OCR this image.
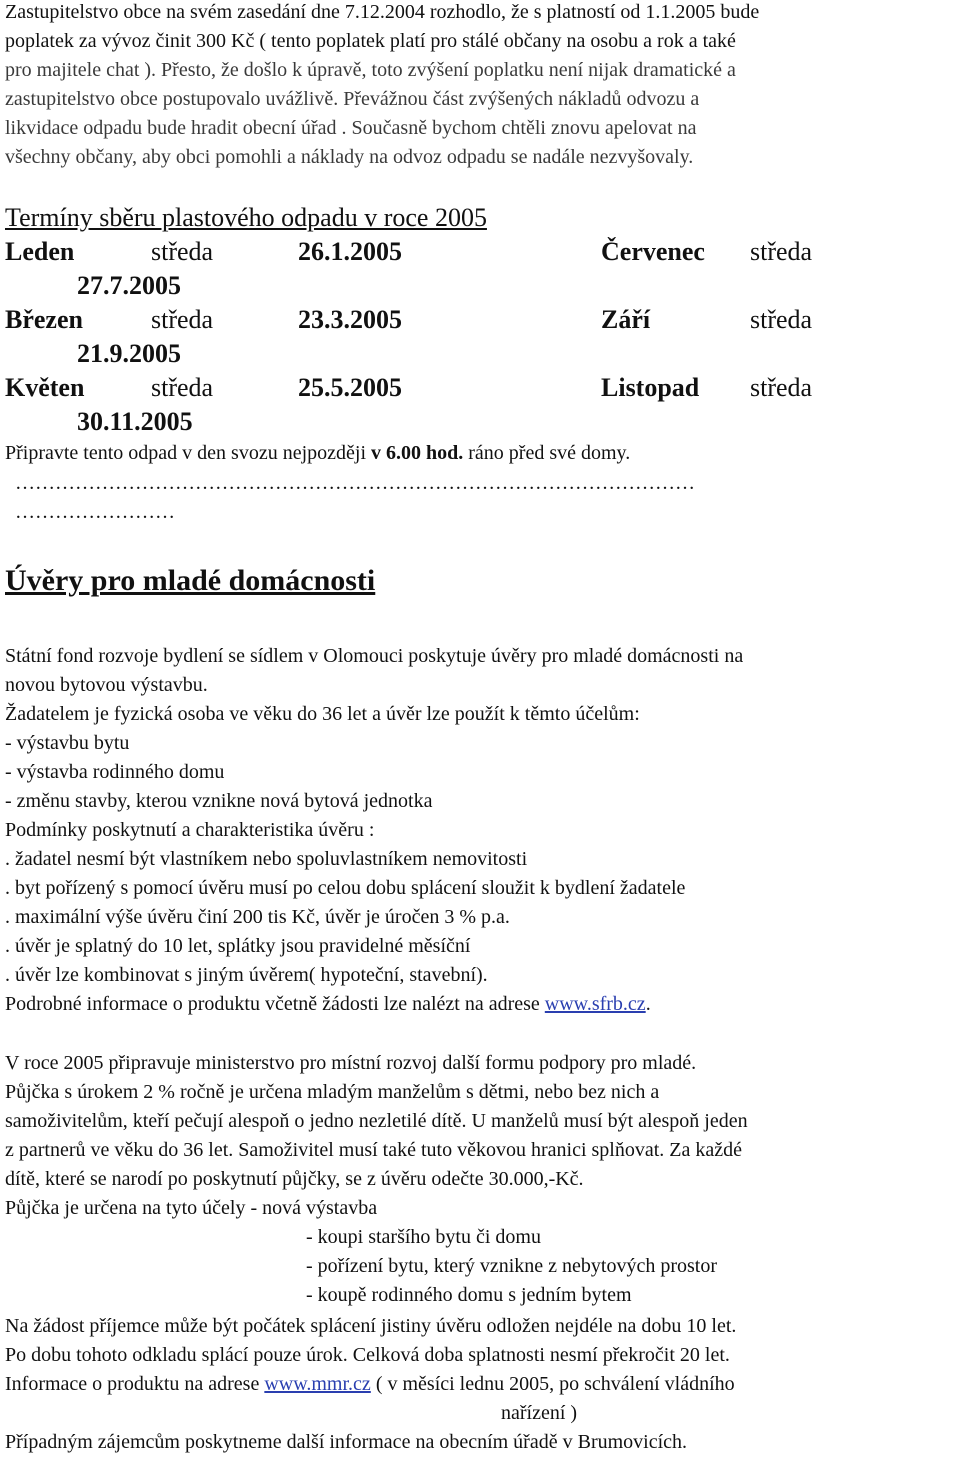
Zastupitelstvo obce na svém zasedání dne 7.12.2004 rozhodlo, že s platností od 1.1.2005 bude
poplatek za vývoz činit 300 Kč ( tento poplatek platí pro stálé občany na osobu a rok a také
pro majitele chat ). Přesto, že došlo k úpravě, toto zvýšení poplatku není nijak dramatické a
zastupitelstvo obce postupovalo uvážlivě. Převážnou část zvýšených nákladů odvozu a
likvidace odpadu bude hradit obecní úřad . Současně bychom chtěli znovu apelovat na
všechny občany, aby obci pomohli a náklady na odvoz odpadu se nadále nezvyšovaly.
Termíny sběru plastového odpadu v roce 2005
Leden	středa	26.1.2005	Červenec středa
27.7.2005
Březen	středa	23.3.2005	Září	středa
21.9.2005
Květen	středa	25.5.2005	Listopad středa
30.11.2005
Připravte tento odpad v den svozu nejpozději v 6.00 hod. ráno před své domy.
…………………………………………………………………………………………
……………………
Úvěry pro mladé domácnosti
Státní fond rozvoje bydlení se sídlem v Olomouci poskytuje úvěry pro mladé domácnosti na
novou bytovou výstavbu.
Žadatelem je fyzická osoba ve věku do 36 let a úvěr lze použít k těmto účelům:
- výstavbu bytu
- výstavba rodinného domu
- změnu stavby, kterou vznikne nová bytová jednotka
Podmínky poskytnutí a charakteristika úvěru :
. žadatel nesmí být vlastníkem nebo spoluvlastníkem nemovitosti
. byt pořízený s pomocí úvěru musí po celou dobu splácení sloužit k bydlení žadatele
. maximální výše úvěru činí 200 tis Kč, úvěr je úročen 3 % p.a.
. úvěr je splatný do 10 let, splátky jsou pravidelné měsíční
. úvěr lze kombinovat s jiným úvěrem( hypoteční, stavební).
Podrobné informace o produktu včetně žádosti lze nalézt na adrese www.sfrb.cz.
V roce 2005 připravuje ministerstvo pro místní rozvoj další formu podpory pro mladé.
Půjčka s úrokem 2 % ročně je určena mladým manželům s dětmi, nebo bez nich a
samoživitelům, kteří pečují alespoň o jedno nezletilé dítě. U manželů musí být alespoň jeden
z partnerů ve věku do 36 let. Samoživitel musí také tuto věkovou hranici splňovat. Za každé
dítě, které se narodí po poskytnutí půjčky, se z úvěru odečte 30.000,-Kč.
Půjčka je určena na tyto účely - nová výstavba
- koupi staršího bytu či domu
- pořízení bytu, který vznikne z nebytových prostor
- koupě rodinného domu s jedním bytem
Na žádost příjemce může být počátek splácení jistiny úvěru odložen nejdéle na dobu 10 let.
Po dobu tohoto odkladu splácí pouze úrok. Celková doba splatnosti nesmí překročit 20 let.
Informace o produktu na adrese www.mmr.cz ( v měsíci lednu 2005, po schválení vládního
nařízení )
Případným zájemcům poskytneme další informace na obecním úřadě v Brumovicích.
